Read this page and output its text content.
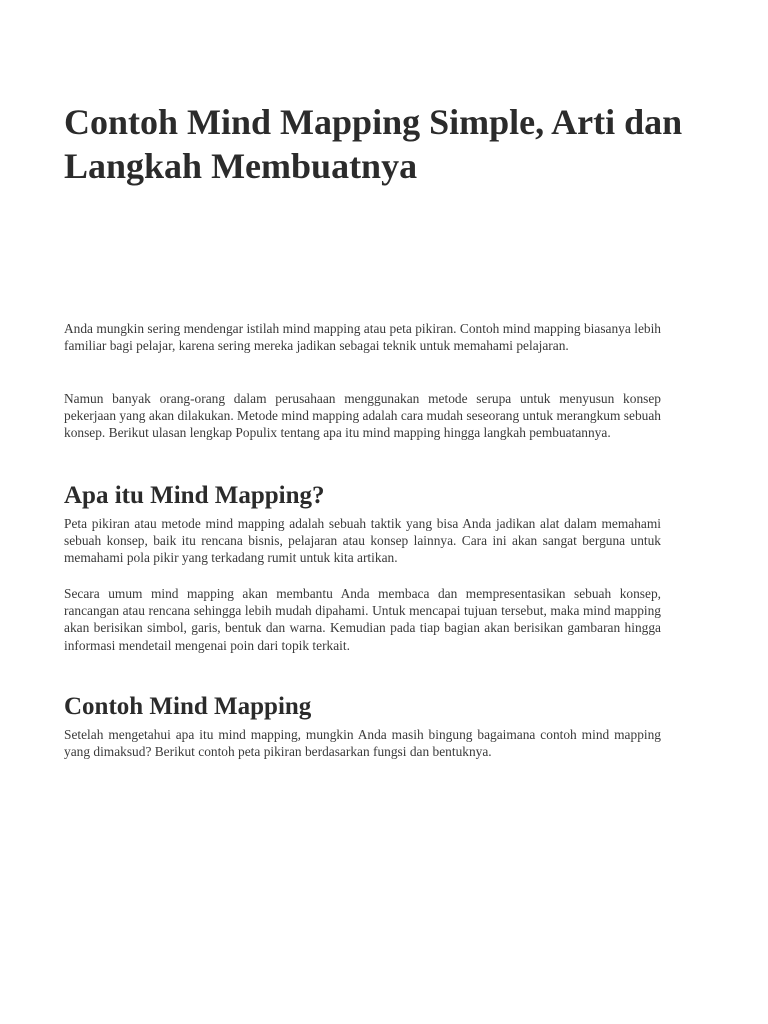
Contoh Mind Mapping Simple, Arti dan Langkah Membuatnya

Anda mungkin sering mendengar istilah mind mapping atau peta pikiran. Contoh mind mapping biasanya lebih familiar bagi pelajar, karena sering mereka jadikan sebagai teknik untuk memahami pelajaran.

Namun banyak orang-orang dalam perusahaan menggunakan metode serupa untuk menyusun konsep pekerjaan yang akan dilakukan. Metode mind mapping adalah cara mudah seseorang untuk merangkum sebuah konsep. Berikut ulasan lengkap Populix tentang apa itu mind mapping hingga langkah pembuatannya.

Apa itu Mind Mapping?

Peta pikiran atau metode mind mapping adalah sebuah taktik yang bisa Anda jadikan alat dalam memahami sebuah konsep, baik itu rencana bisnis, pelajaran atau konsep lainnya. Cara ini akan sangat berguna untuk memahami pola pikir yang terkadang rumit untuk kita artikan.

Secara umum mind mapping akan membantu Anda membaca dan mempresentasikan sebuah konsep, rancangan atau rencana sehingga lebih mudah dipahami. Untuk mencapai tujuan tersebut, maka mind mapping akan berisikan simbol, garis, bentuk dan warna. Kemudian pada tiap bagian akan berisikan gambaran hingga informasi mendetail mengenai poin dari topik terkait.

Contoh Mind Mapping

Setelah mengetahui apa itu mind mapping, mungkin Anda masih bingung bagaimana contoh mind mapping yang dimaksud? Berikut contoh peta pikiran berdasarkan fungsi dan bentuknya.
